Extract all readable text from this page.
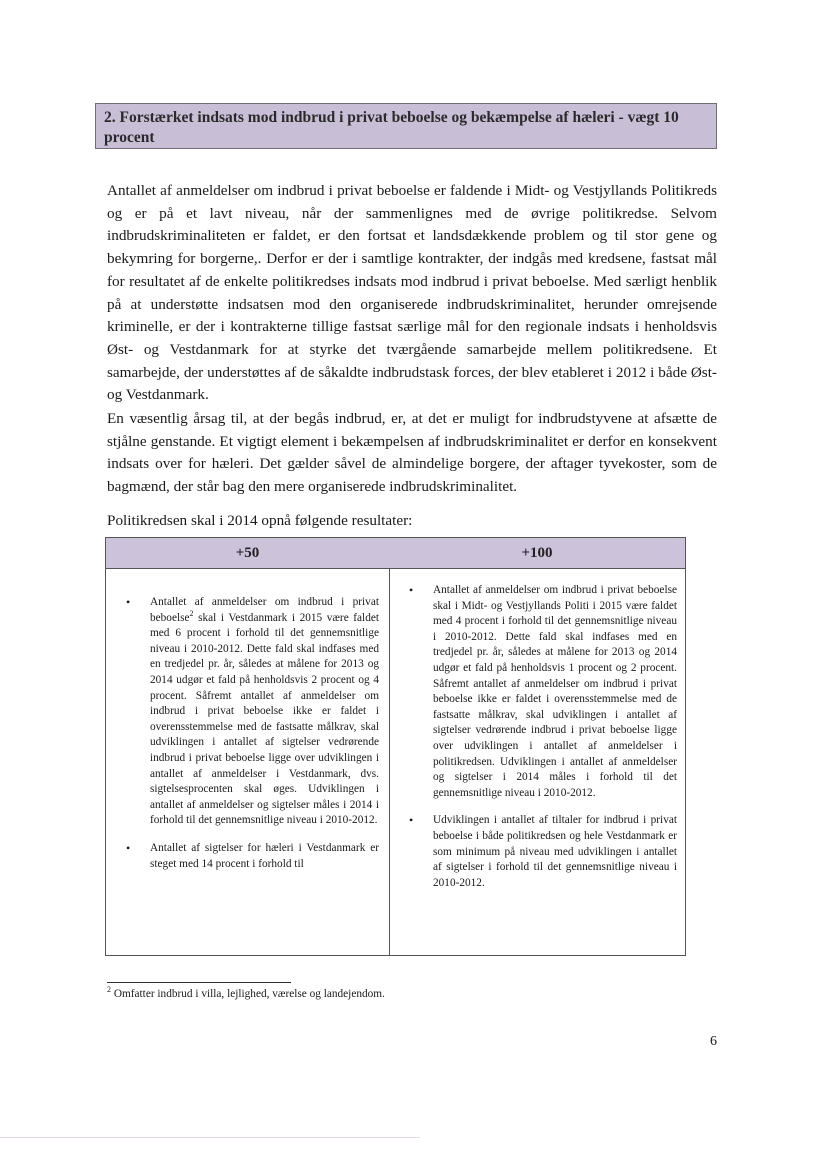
2. Forstærket indsats mod indbrud i privat beboelse og bekæmpelse af hæleri - vægt 10 procent

Antallet af anmeldelser om indbrud i privat beboelse er faldende i Midt- og Vestjyllands Politikreds og er på et lavt niveau, når der sammenlignes med de øvrige politikredse. Selvom indbrudskriminaliteten er faldet, er den fortsat et landsdækkende problem og til stor gene og bekymring for borgerne,. Derfor er der i samtlige kontrakter, der indgås med kredsene, fastsat mål for resultatet af de enkelte politikredses indsats mod indbrud i privat beboelse. Med særligt henblik på at understøtte indsatsen mod den organiserede indbrudskriminalitet, herunder omrejsende kriminelle, er der i kontrakterne tillige fastsat særlige mål for den regionale indsats i henholdsvis Øst- og Vestdanmark for at styrke det tværgående samarbejde mellem politikredsene. Et samarbejde, der understøttes af de såkaldte indbrudstask forces, der blev etableret i 2012 i både Øst- og Vestdanmark.

En væsentlig årsag til, at der begås indbrud, er, at det er muligt for indbrudstyvene at afsætte de stjålne genstande. Et vigtigt element i bekæmpelsen af indbrudskriminalitet er derfor en konsekvent indsats over for hæleri. Det gælder såvel de almindelige borgere, der aftager tyvekoster, som de bagmænd, der står bag den mere organiserede indbrudskriminalitet.

Politikredsen skal i 2014 opnå følgende resultater:

+50
• Antallet af anmeldelser om indbrud i privat beboelse$^2$ skal i Vestdanmark i 2015 være faldet med 6 procent i forhold til det gennemsnitlige niveau i 2010-2012. Dette fald skal indfases med en tredjedel pr. år, således at målene for 2013 og 2014 udgør et fald på henholdsvis 2 procent og 4 procent. Såfremt antallet af anmeldelser om indbrud i privat beboelse ikke er faldet i overensstemmelse med de fastsatte målkrav, skal udviklingen i antallet af sigtelser vedrørende indbrud i privat beboelse ligge over udviklingen i antallet af anmeldelser i Vestdanmark, dvs. sigtelsesprocenten skal øges. Udviklingen i antallet af anmeldelser og sigtelser måles i 2014 i forhold til det gennemsnitlige niveau i 2010-2012.
• Antallet af sigtelser for hæleri i Vestdanmark er steget med 14 procent i forhold til
+100
• Antallet af anmeldelser om indbrud i privat beboelse skal i Midt- og Vestjyllands Politi i 2015 være faldet med 4 procent i forhold til det gennemsnitlige niveau i 2010-2012. Dette fald skal indfases med en tredjedel pr. år, således at målene for 2013 og 2014 udgør et fald på henholdsvis 1 procent og 2 procent. Såfremt antallet af anmeldelser om indbrud i privat beboelse ikke er faldet i overensstemmelse med de fastsatte målkrav, skal udviklingen i antallet af sigtelser vedrørende indbrud i privat beboelse ligge over udviklingen i antallet af anmeldelser i politikredsen. Udviklingen i antallet af anmeldelser og sigtelser i 2014 måles i forhold til det gennemsnitlige niveau i 2010-2012.
• Udviklingen i antallet af tiltaler for indbrud i privat beboelse i både politikredsen og hele Vestdanmark er som minimum på niveau med udviklingen i antallet af sigtelser i forhold til det gennemsnitlige niveau i 2010-2012.
$^2$ Omfatter indbrud i villa, lejlighed, værelse og landejendom.
6
